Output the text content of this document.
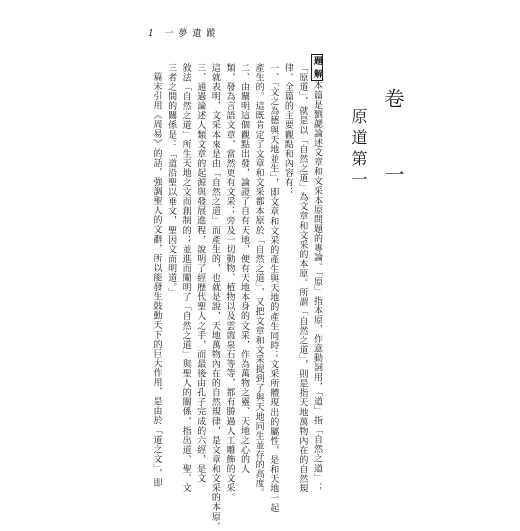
1 一 夢 遺 蹤
卷 一
原道第一
題 解本篇是劉勰論述文章和文采本原問題的專論。「原」指本原，作意動詞用，「道」指「自然之道」；
「原道」，就是以「自然之道」為文章和文采的本原。所謂「自然之道」，則是指天地萬物內在的自然規
律。全篇的主要觀點和內容有：
一、「文之為德與天地並生」，即文章和文采的產生與天地的產生同時；文采所體現出的屬性，是和天地一起
產生的。這既肯定了文章和文采都本原於「自然之道」，又把文章和文采提到了與天地同生並存的高度。
二、由闡明這個觀點出發，論證了自有天地，便有天地本身的文采，作為萬物之靈、天地之心的人
類，發為言語文章，當然更有文采；旁及一切動物、植物以及雲霞泉石等等，都有勝過人工雕飾的文采。
這就表明，文采本來是由「自然之道」而產生的，也就是說，天地萬物內在的自然規律，是文章和文采的本原。
三、通過論述人類文章的起源與發展進程，說明了經歷代聖人之手，而最後由孔子完成的六經，是文
敘法「自然之道」所生天地之文而創制的；並進而闡明了「自然之道」與聖人的關係，指出道、聖、文
三者之間的關係是：「道沿聖以垂文，聖因文而明道。」
篇末引用《周易》的話，強調聖人的文辭，所以能發生鼓動天下的巨大作用，是由於「道之文」，即
